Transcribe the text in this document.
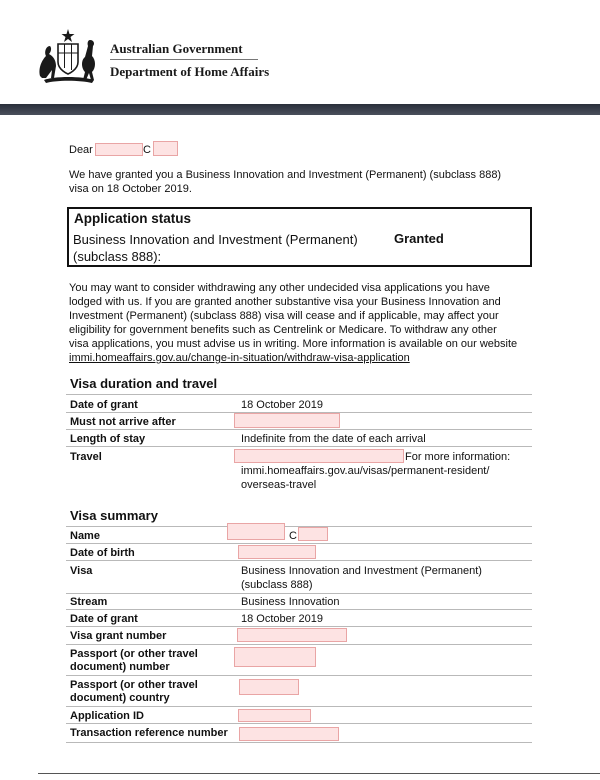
Australian Government
Department of Home Affairs
Dear	C
We have granted you a Business Innovation and Investment (Permanent) (subclass 888)
visa on 18 October 2019.
Application status
Business Innovation and Investment (Permanent) (subclass 888):
Granted
You may want to consider withdrawing any other undecided visa applications you have
lodged with us. If you are granted another substantive visa your Business Innovation and
Investment (Permanent) (subclass 888) visa will cease and if applicable, may affect your
eligibility for government benefits such as Centrelink or Medicare. To withdraw any other
visa applications, you must advise us in writing. More information is available on our website
immi.homeaffairs.gov.au/change-in-situation/withdraw-visa-application
Visa duration and travel
Date of grant	18 October 2019
Must not arrive after
Length of stay	Indefinite from the date of each arrival
Travel	For more information:
immi.homeaffairs.gov.au/visas/permanent-resident/
overseas-travel
Visa summary
Name	C
Date of birth
Visa	Business Innovation and Investment (Permanent)
(subclass 888)
Stream	Business Innovation
Date of grant	18 October 2019
Visa grant number
Passport (or other travel
document) number
Passport (or other travel
document) country
Application ID
Transaction reference number
